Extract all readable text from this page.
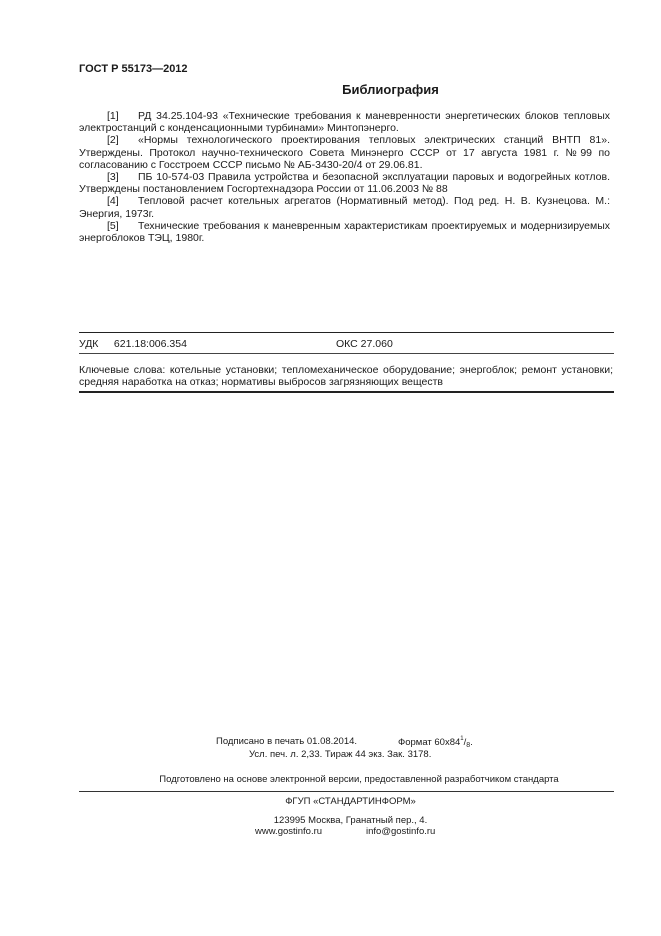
ГОСТ Р 55173—2012
Библиография

[1] РД 34.25.104-93 «Технические требования к маневренности энергетических блоков тепловых электростанций с конденсационными турбинами» Минтопэнерго.

[2] «Нормы технологического проектирования тепловых электрических станций ВНТП 81». Утверждены. Протокол научно-технического Совета Минэнерго СССР от 17 августа 1981 г. №99 по согласованию с Госстроем СССР письмо № АБ-3430-20/4 от 29.06.81.

[3] ПБ 10-574-03 Правила устройства и безопасной эксплуатации паровых и водогрейных котлов. Утверждены постановлением Госгортехнадзора России от 11.06.2003 № 88

[4] Тепловой расчет котельных агрегатов (Нормативный метод). Под ред. Н. В. Кузнецова. М.: Энергия, 1973г.

[5] Технические требования к маневренным характеристикам проектируемых и модернизируемых энергоблоков ТЭЦ, 1980г.

УДК 621.18:006.354	ОКС 27.060
Ключевые слова: котельные установки; тепломеханическое оборудование; энергоблок; ремонт установки; средняя наработка на отказ; нормативы выбросов загрязняющих веществ
Подписано в печать 01.08.2014.	Формат $60x84^1/_8$.
Усл. печ. л. 2,33. Тираж 44 экз. Зак. 3178.
Подготовлено на основе электронной версии, предоставленной разработчиком стандарта
ФГУП «СТАНДАРТИНФОРМ»
123995 Москва, Гранатный пер., 4.
www.gostinfo.ru	info@gostinfo.ru
